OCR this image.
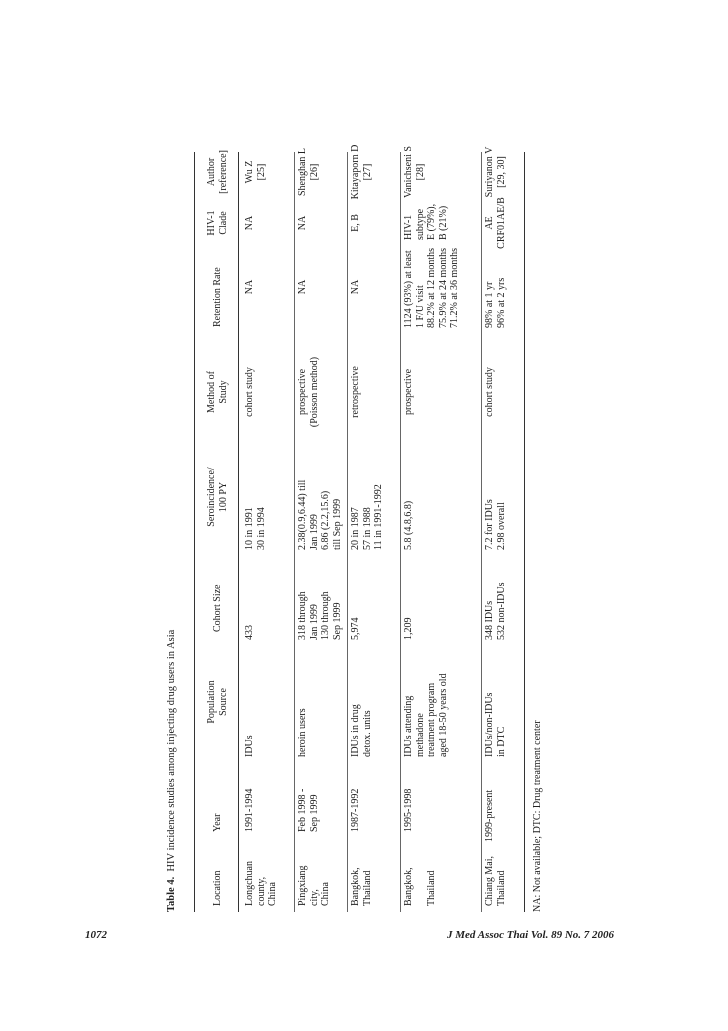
Table 4.  HIV incidence studies among injecting drug users in Asia
Location
Year
Population Source
Cohort Size
Seroincidence/ 100 PY
Method of Study
Retention Rate
HIV-1 Clade
Author [reference]
Longchuan county, China
1991-1994
IDUs
433
10 in 1991 30 in 1994
cohort study
NA
NA
Wu Z [25]
Pingxiang city, China
Feb 1998 - Sep 1999
heroin users
318 through Jan 1999 130 through Sep 1999
2.38(0.9,6.44) till Jan 1999 6.86 (2.2,15.6) till Sep 1999
prospective (Poisson method)
NA
NA
Shenghan L [26]
Bangkok, Thailand
1987-1992
IDUs in drug detox. units
5,974
20 in 1987 57 in 1988 11 in 1991-1992
retrospective
NA
E, B
Kitayaporn D [27]
Bangkok, Thailand
1995-1998
IDUs attending methadone treatment program aged 18-50 years old
1,209
5.8 (4.8,6.8)
prospective
1124 (93%) at least 1 F/U visit 88.2% at 12 months 75.9% at 24 months 71.2% at 36 months
HIV-1 subtype E (79%), B (21%)
Vanichseni S [28]
Chiang Mai, Thailand
1999-present
IDUs/non-IDUs in DTC
348 IDUs 532 non-IDUs
7.2 for IDUs 2.98 overall
cohort study
98% at 1 yr 96% at 2 yrs
AE CRF01AE/B
Suriyanon V [29, 30]
NA: Not available; DTC: Drug treatment center
1072	J Med Assoc Thai Vol. 89 No. 7 2006
